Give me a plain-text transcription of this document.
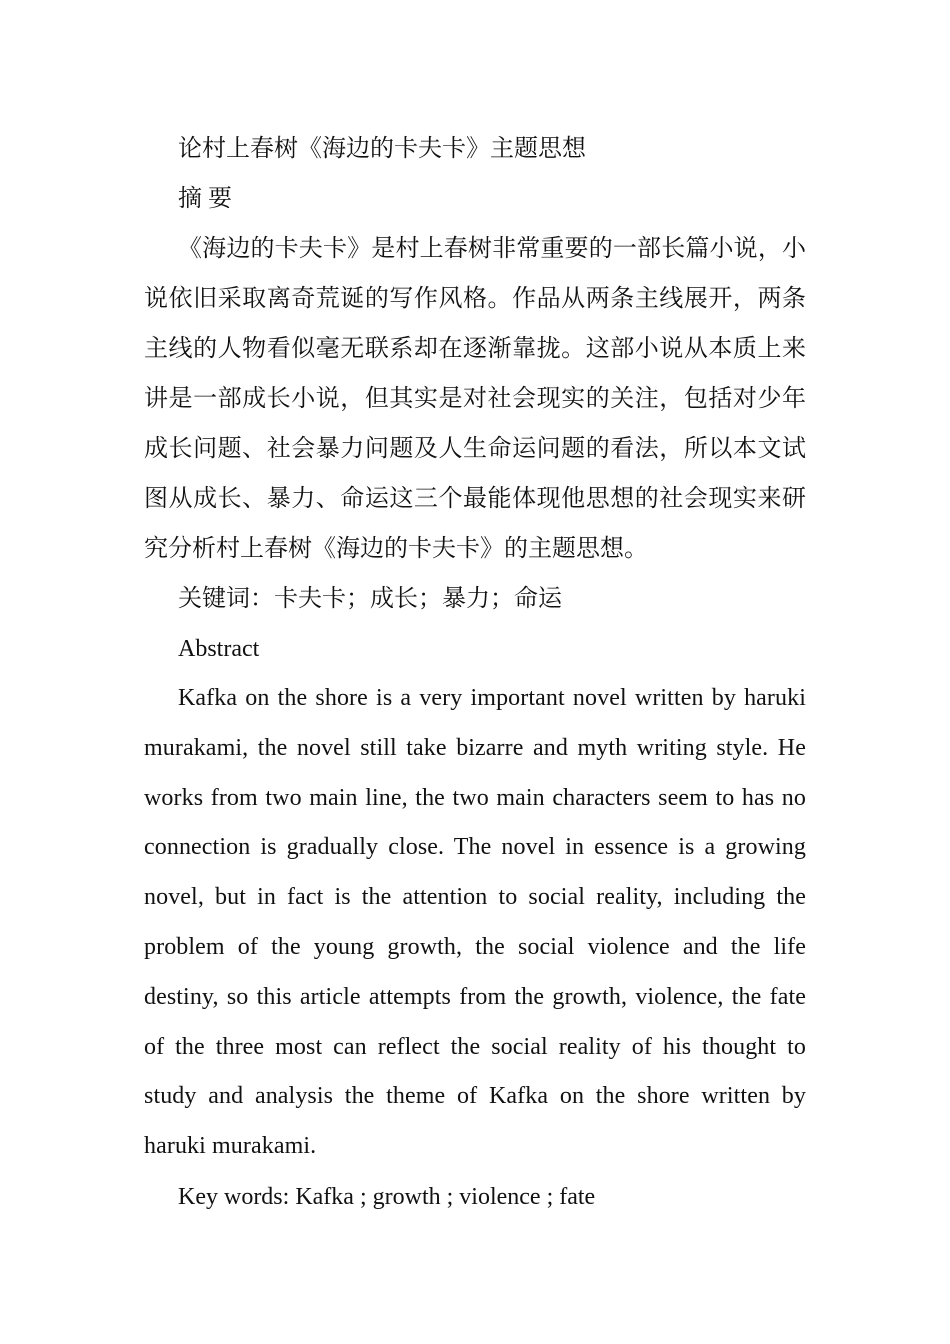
论村上春树《海边的卡夫卡》主题思想
摘 要

《海边的卡夫卡》是村上春树非常重要的一部长篇小说，小说依旧采取离奇荒诞的写作风格。作品从两条主线展开，两条主线的人物看似毫无联系却在逐渐靠拢。这部小说从本质上来讲是一部成长小说，但其实是对社会现实的关注，包括对少年成长问题、社会暴力问题及人生命运问题的看法，所以本文试图从成长、暴力、命运这三个最能体现他思想的社会现实来研究分析村上春树《海边的卡夫卡》的主题思想。

关键词：卡夫卡；成长；暴力；命运
Abstract

Kafka on the shore is a very important novel written by haruki murakami, the novel still take bizarre and myth writing style. He works from two main line, the two main characters seem to has no connection is gradually close. The novel in essence is a growing novel, but in fact is the attention to social reality, including the problem of the young growth, the social violence and the life destiny, so this article attempts from the growth, violence, the fate of the three most can reflect the social reality of his thought to study and analysis the theme of Kafka on the shore written by haruki murakami.

Key words: Kafka ; growth ; violence ; fate
